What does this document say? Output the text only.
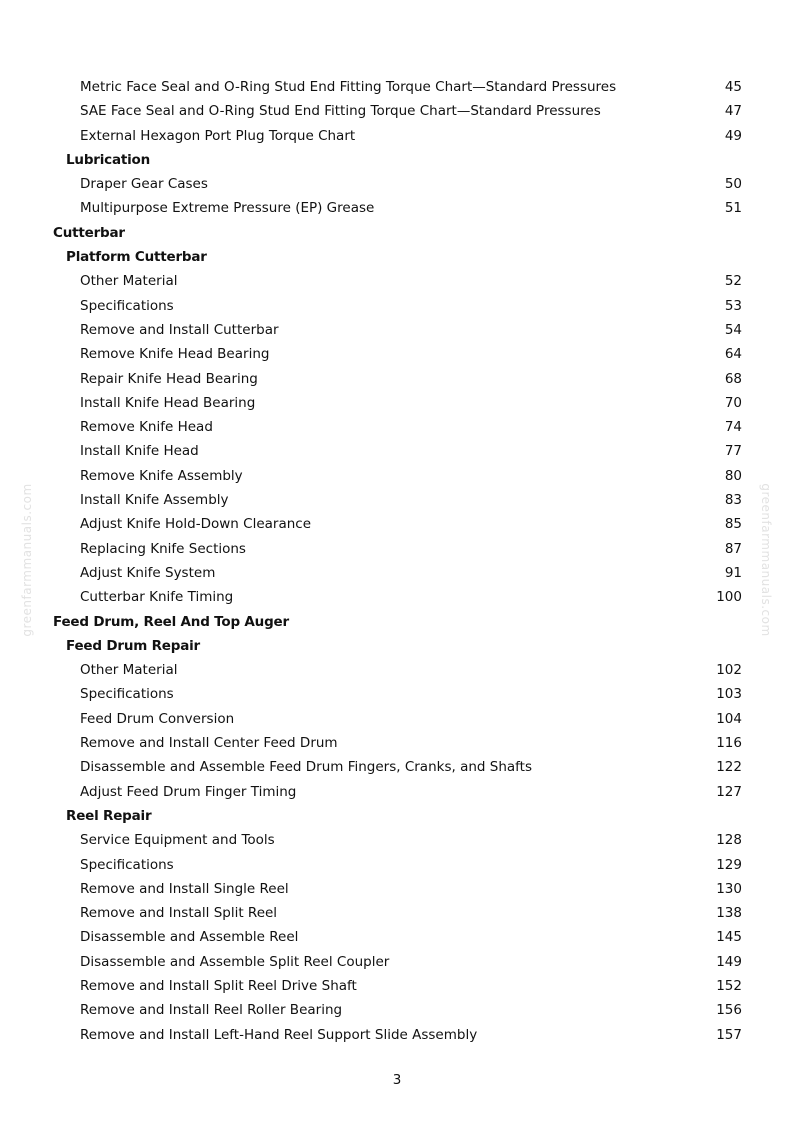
greenfarmmanuals.com	greenfarmmanuals.com
Metric Face Seal and O-Ring Stud End Fitting Torque Chart—Standard Pressures	45
SAE Face Seal and O-Ring Stud End Fitting Torque Chart—Standard Pressures	47
External Hexagon Port Plug Torque Chart	49
Lubrication
Draper Gear Cases	50
Multipurpose Extreme Pressure (EP) Grease	51
Cutterbar
Platform Cutterbar
Other Material	52
Specifications	53
Remove and Install Cutterbar	54
Remove Knife Head Bearing	64
Repair Knife Head Bearing	68
Install Knife Head Bearing	70
Remove Knife Head	74
Install Knife Head	77
Remove Knife Assembly	80
Install Knife Assembly	83
Adjust Knife Hold-Down Clearance	85
Replacing Knife Sections	87
Adjust Knife System	91
Cutterbar Knife Timing	100
Feed Drum, Reel And Top Auger
Feed Drum Repair
Other Material	102
Specifications	103
Feed Drum Conversion	104
Remove and Install Center Feed Drum	116
Disassemble and Assemble Feed Drum Fingers, Cranks, and Shafts	122
Adjust Feed Drum Finger Timing	127
Reel Repair
Service Equipment and Tools	128
Specifications	129
Remove and Install Single Reel	130
Remove and Install Split Reel	138
Disassemble and Assemble Reel	145
Disassemble and Assemble Split Reel Coupler	149
Remove and Install Split Reel Drive Shaft	152
Remove and Install Reel Roller Bearing	156
Remove and Install Left-Hand Reel Support Slide Assembly	157
3
